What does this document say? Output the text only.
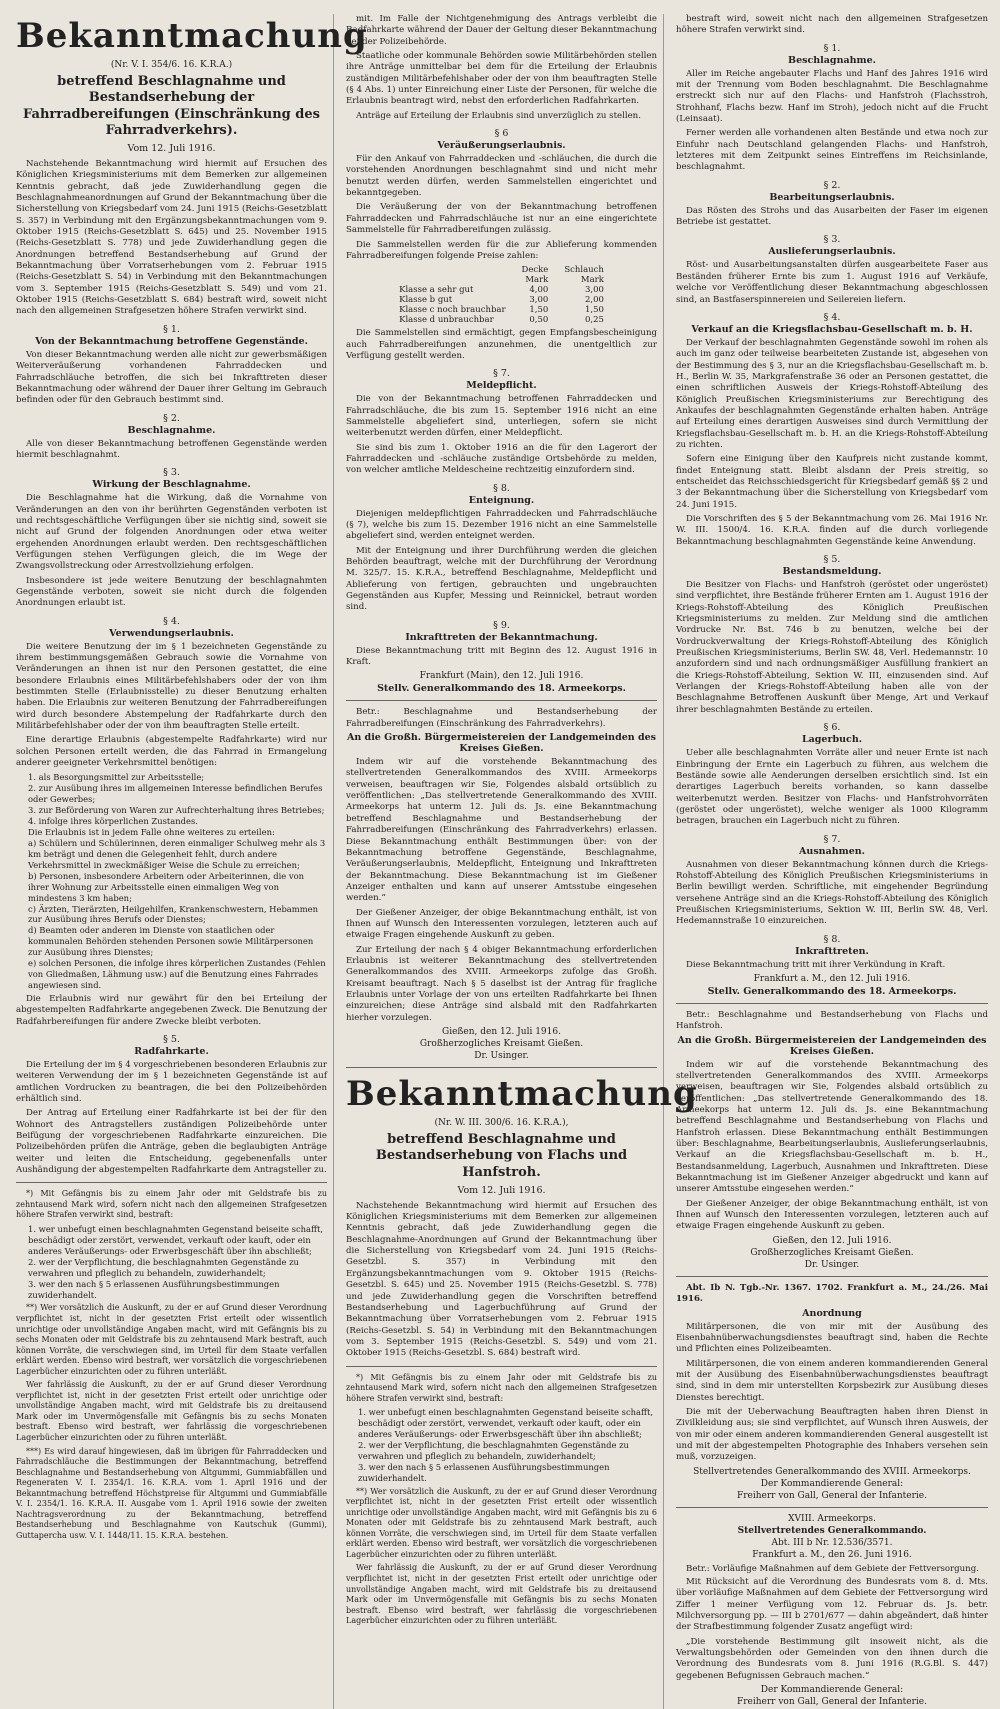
Bekanntmachung
(Nr. V. I. 354/6. 16. K.R.A.)
betreffend Beschlagnahme und Bestandserhebung der Fahrradbereifungen (Einschränkung des Fahrradverkehrs).
Vom 12. Juli 1916.

Nachstehende Bekanntmachung wird hiermit auf Ersuchen des Königlichen Kriegsministeriums mit dem Bemerken zur allgemeinen Kenntnis gebracht, daß jede Zuwiderhandlung gegen die Beschlagnahmeanordnungen auf Grund der Bekanntmachung über die Sicherstellung von Kriegsbedarf vom 24. Juni 1915 (Reichs-Gesetzblatt S. 357) in Verbindung mit den Ergänzungsbekanntmachungen vom 9. Oktober 1915 (Reichs-Gesetzblatt S. 645) und 25. November 1915 (Reichs-Gesetzblatt S. 778) und jede Zuwiderhandlung gegen die Anordnungen betreffend Bestandserhebung auf Grund der Bekanntmachung über Vorratserhebungen vom 2. Februar 1915 (Reichs-Gesetzblatt S. 54) in Verbindung mit den Bekanntmachungen vom 3. September 1915 (Reichs-Gesetzblatt S. 549) und vom 21. Oktober 1915 (Reichs-Gesetzblatt S. 684) bestraft wird, soweit nicht nach den allgemeinen Strafgesetzen höhere Strafen verwirkt sind.

§ 1.
Von der Bekanntmachung betroffene Gegenstände.

Von dieser Bekanntmachung werden alle nicht zur gewerbsmäßigen Weiterveräußerung vorhandenen Fahrraddecken und Fahrradschläuche betroffen, die sich bei Inkrafttreten dieser Bekanntmachung oder während der Dauer ihrer Geltung im Gebrauch befinden oder für den Gebrauch bestimmt sind.

§ 2.
Beschlagnahme.

Alle von dieser Bekanntmachung betroffenen Gegenstände werden hiermit beschlagnahmt.

§ 3.
Wirkung der Beschlagnahme.

Die Beschlagnahme hat die Wirkung, daß die Vornahme von Veränderungen an den von ihr berührten Gegenständen verboten ist und rechtsgeschäftliche Verfügungen über sie nichtig sind, soweit sie nicht auf Grund der folgenden Anordnungen oder etwa weiter ergehenden Anordnungen erlaubt werden. Den rechtsgeschäftlichen Verfügungen stehen Verfügungen gleich, die im Wege der Zwangsvollstreckung oder Arrestvollziehung erfolgen.

Insbesondere ist jede weitere Benutzung der beschlagnahmten Gegenstände verboten, soweit sie nicht durch die folgenden Anordnungen erlaubt ist.

§ 4.
Verwendungserlaubnis.

Die weitere Benutzung der im § 1 bezeichneten Gegenstände zu ihrem bestimmungsgemäßen Gebrauch sowie die Vornahme von Veränderungen an ihnen ist nur den Personen gestattet, die eine besondere Erlaubnis eines Militärbefehlshabers oder der von ihm bestimmten Stelle (Erlaubnisstelle) zu dieser Benutzung erhalten haben. Die Erlaubnis zur weiteren Benutzung der Fahrradbereifungen wird durch besondere Abstempelung der Radfahrkarte durch den Militärbefehlshaber oder der von ihm beauftragten Stelle erteilt.

Eine derartige Erlaubnis (abgestempelte Radfahrkarte) wird nur solchen Personen erteilt werden, die das Fahrrad in Ermangelung anderer geeigneter Verkehrsmittel benötigen:

1. als Besorgungsmittel zur Arbeitsstelle;
2. zur Ausübung ihres im allgemeinen Interesse befindlichen Berufes oder Gewerbes;
3. zur Beförderung von Waren zur Aufrechterhaltung ihres Betriebes;
4. infolge ihres körperlichen Zustandes.
Die Erlaubnis ist in jedem Falle ohne weiteres zu erteilen:
a) Schülern und Schülerinnen, deren einmaliger Schulweg mehr als 3 km beträgt und denen die Gelegenheit fehlt, durch andere Verkehrsmittel in zweckmäßiger Weise die Schule zu erreichen;
b) Personen, insbesondere Arbeitern oder Arbeiterinnen, die von ihrer Wohnung zur Arbeitsstelle einen einmaligen Weg von mindestens 3 km haben;
c) Ärzten, Tierärzten, Heilgehilfen, Krankenschwestern, Hebammen zur Ausübung ihres Berufs oder Dienstes;
d) Beamten oder anderen im Dienste von staatlichen oder kommunalen Behörden stehenden Personen sowie Militärpersonen zur Ausübung ihres Dienstes;
e) solchen Personen, die infolge ihres körperlichen Zustandes (Fehlen von Gliedmaßen, Lähmung usw.) auf die Benutzung eines Fahrrades angewiesen sind.

Die Erlaubnis wird nur gewährt für den bei Erteilung der abgestempelten Radfahrkarte angegebenen Zweck. Die Benutzung der Radfahrbereifungen für andere Zwecke bleibt verboten.

§ 5.
Radfahrkarte.

Die Erteilung der im § 4 vorgeschriebenen besonderen Erlaubnis zur weiteren Verwendung der im § 1 bezeichneten Gegenstände ist auf amtlichen Vordrucken zu beantragen, die bei den Polizeibehörden erhältlich sind.

Der Antrag auf Erteilung einer Radfahrkarte ist bei der für den Wohnort des Antragstellers zuständigen Polizeibehörde unter Beifügung der vorgeschriebenen Radfahrkarte einzureichen. Die Polizeibehörden prüfen die Anträge, geben die beglaubigten Anträge weiter und leiten die Entscheidung, gegebenenfalls unter Aushändigung der abgestempelten Radfahrkarte dem Antragsteller zu.

*) Mit Gefängnis bis zu einem Jahr oder mit Geldstrafe bis zu zehntausend Mark wird, sofern nicht nach den allgemeinen Strafgesetzen höhere Strafen verwirkt sind, bestraft:

1. wer unbefugt einen beschlagnahmten Gegenstand beiseite schafft, beschädigt oder zerstört, verwendet, verkauft oder kauft, oder ein anderes Veräußerungs- oder Erwerbsgeschäft über ihn abschließt;
2. wer der Verpflichtung, die beschlagnahmten Gegenstände zu verwahren und pfleglich zu behandeln, zuwiderhandelt;
3. wer den nach § 5 erlassenen Ausführungsbestimmungen zuwiderhandelt.

**) Wer vorsätzlich die Auskunft, zu der er auf Grund dieser Verordnung verpflichtet ist, nicht in der gesetzten Frist erteilt oder wissentlich unrichtige oder unvollständige Angaben macht, wird mit Gefängnis bis zu sechs Monaten oder mit Geldstrafe bis zu zehntausend Mark bestraft, auch können Vorräte, die verschwiegen sind, im Urteil für dem Staate verfallen erklärt werden. Ebenso wird bestraft, wer vorsätzlich die vorgeschriebenen Lagerbücher einzurichten oder zu führen unterläßt.

Wer fahrlässig die Auskunft, zu der er auf Grund dieser Verordnung verpflichtet ist, nicht in der gesetzten Frist erteilt oder unrichtige oder unvollständige Angaben macht, wird mit Geldstrafe bis zu dreitausend Mark oder im Unvermögensfalle mit Gefängnis bis zu sechs Monaten bestraft. Ebenso wird bestraft, wer fahrlässig die vorgeschriebenen Lagerbücher einzurichten oder zu führen unterläßt.

***) Es wird darauf hingewiesen, daß im übrigen für Fahrraddecken und Fahrradschläuche die Bestimmungen der Bekanntmachung, betreffend Beschlagnahme und Bestandserhebung von Altgummi, Gummiabfällen und Regeneraten V. I. 2354/1. 16. K.R.A. vom 1. April 1916 und der Bekanntmachung betreffend Höchstpreise für Altgummi und Gummiabfälle V. I. 2354/1. 16. K.R.A. II. Ausgabe vom 1. April 1916 sowie der zweiten Nachtragsverordnung zu der Bekanntmachung, betreffend Bestandserhebung und Beschlagnahme von Kautschuk (Gummi), Guttapercha usw. V. I. 1448/11. 15. K.R.A. bestehen.

mit. Im Falle der Nichtgenehmigung des Antrags verbleibt die Radfahrkarte während der Dauer der Geltung dieser Bekanntmachung bei der Polizeibehörde.

Staatliche oder kommunale Behörden sowie Militärbehörden stellen ihre Anträge unmittelbar bei dem für die Erteilung der Erlaubnis zuständigen Militärbefehlshaber oder der von ihm beauftragten Stelle (§ 4 Abs. 1) unter Einreichung einer Liste der Personen, für welche die Erlaubnis beantragt wird, nebst den erforderlichen Radfahrkarten.

Anträge auf Erteilung der Erlaubnis sind unverzüglich zu stellen.

§ 6
Veräußerungserlaubnis.

Für den Ankauf von Fahrraddecken und -schläuchen, die durch die vorstehenden Anordnungen beschlagnahmt sind und nicht mehr benutzt werden dürfen, werden Sammelstellen eingerichtet und bekanntgegeben.

Die Veräußerung der von der Bekanntmachung betroffenen Fahrraddecken und Fahrradschläuche ist nur an eine eingerichtete Sammelstelle für Fahrradbereifungen zulässig.

Die Sammelstellen werden für die zur Ablieferung kommenden Fahrradbereifungen folgende Preise zahlen:

	Decke	Schlauch
	Mark	Mark
Klasse a sehr gut	4,00	3,00
Klasse b gut	3,00	2,00
Klasse c noch brauchbar	1,50	1,50
Klasse d unbrauchbar	0,50	0,25

Die Sammelstellen sind ermächtigt, gegen Empfangsbescheinigung auch Fahrradbereifungen anzunehmen, die unentgeltlich zur Verfügung gestellt werden.

§ 7.
Meldepflicht.

Die von der Bekanntmachung betroffenen Fahrraddecken und Fahrradschläuche, die bis zum 15. September 1916 nicht an eine Sammelstelle abgeliefert sind, unterliegen, sofern sie nicht weiterbenutzt werden dürfen, einer Meldepflicht.

Sie sind bis zum 1. Oktober 1916 an die für den Lagerort der Fahrraddecken und -schläuche zuständige Ortsbehörde zu melden, von welcher amtliche Meldescheine rechtzeitig einzufordern sind.

§ 8.
Enteignung.

Diejenigen meldepflichtigen Fahrraddecken und Fahrradschläuche (§ 7), welche bis zum 15. Dezember 1916 nicht an eine Sammelstelle abgeliefert sind, werden enteignet werden.

Mit der Enteignung und ihrer Durchführung werden die gleichen Behörden beauftragt, welche mit der Durchführung der Verordnung M. 325/7. 15. K.R.A., betreffend Beschlagnahme, Meldepflicht und Ablieferung von fertigen, gebrauchten und ungebrauchten Gegenständen aus Kupfer, Messing und Reinnickel, betraut worden sind.

§ 9.
Inkrafttreten der Bekanntmachung.

Diese Bekanntmachung tritt mit Beginn des 12. August 1916 in Kraft.

Frankfurt (Main), den 12. Juli 1916.
Stellv. Generalkommando des 18. Armeekorps.

Betr.: Beschlagnahme und Bestandserhebung der Fahrradbereifungen (Einschränkung des Fahrradverkehrs).

An die Großh. Bürgermeistereien der Landgemeinden des Kreises Gießen.

Indem wir auf die vorstehende Bekanntmachung des stellvertretenden Generalkommandos des XVIII. Armeekorps verweisen, beauftragen wir Sie, Folgendes alsbald ortsüblich zu veröffentlichen: „Das stellvertretende Generalkommando des XVIII. Armeekorps hat unterm 12. Juli ds. Js. eine Bekanntmachung betreffend Beschlagnahme und Bestandserhebung der Fahrradbereifungen (Einschränkung des Fahrradverkehrs) erlassen. Diese Bekanntmachung enthält Bestimmungen über: von der Bekanntmachung betroffene Gegenstände, Beschlagnahme, Veräußerungserlaubnis, Meldepflicht, Enteignung und Inkrafttreten der Bekanntmachung. Diese Bekanntmachung ist im Gießener Anzeiger enthalten und kann auf unserer Amtsstube eingesehen werden.“

Der Gießener Anzeiger, der obige Bekanntmachung enthält, ist von Ihnen auf Wunsch den Interessenten vorzulegen, letzteren auch auf etwaige Fragen eingehende Auskunft zu geben.

Zur Erteilung der nach § 4 obiger Bekanntmachung erforderlichen Erlaubnis ist weiterer Bekanntmachung des stellvertretenden Generalkommandos des XVIII. Armeekorps zufolge das Großh. Kreisamt beauftragt. Nach § 5 daselbst ist der Antrag für fragliche Erlaubnis unter Vorlage der von uns erteilten Radfahrkarte bei Ihnen einzureichen; diese Anträge sind alsbald mit den Radfahrkarten hierher vorzulegen.

Gießen, den 12. Juli 1916.
Großherzogliches Kreisamt Gießen.
Dr. Usinger.
Bekanntmachung
(Nr. W. III. 300/6. 16. K.R.A.),
betreffend Beschlagnahme und Bestandserhebung von Flachs und Hanfstroh.
Vom 12. Juli 1916.

Nachstehende Bekanntmachung wird hiermit auf Ersuchen des Königlichen Kriegsministeriums mit dem Bemerken zur allgemeinen Kenntnis gebracht, daß jede Zuwiderhandlung gegen die Beschlagnahme-Anordnungen auf Grund der Bekanntmachung über die Sicherstellung von Kriegsbedarf vom 24. Juni 1915 (Reichs-Gesetzbl. S. 357) in Verbindung mit den Ergänzungsbekanntmachungen vom 9. Oktober 1915 (Reichs-Gesetzbl. S. 645) und 25. November 1915 (Reichs-Gesetzbl. S. 778) und jede Zuwiderhandlung gegen die Vorschriften betreffend Bestandserhebung und Lagerbuchführung auf Grund der Bekanntmachung über Vorratserhebungen vom 2. Februar 1915 (Reichs-Gesetzbl. S. 54) in Verbindung mit den Bekanntmachungen vom 3. September 1915 (Reichs-Gesetzbl. S. 549) und vom 21. Oktober 1915 (Reichs-Gesetzbl. S. 684) bestraft wird.

*) Mit Gefängnis bis zu einem Jahr oder mit Geldstrafe bis zu zehntausend Mark wird, sofern nicht nach den allgemeinen Strafgesetzen höhere Strafen verwirkt sind, bestraft:

1. wer unbefugt einen beschlagnahmten Gegenstand beiseite schafft, beschädigt oder zerstört, verwendet, verkauft oder kauft, oder ein anderes Veräußerungs- oder Erwerbsgeschäft über ihn abschließt;
2. wer der Verpflichtung, die beschlagnahmten Gegenstände zu verwahren und pfleglich zu behandeln, zuwiderhandelt;
3. wer den nach § 5 erlassenen Ausführungsbestimmungen zuwiderhandelt.

**) Wer vorsätzlich die Auskunft, zu der er auf Grund dieser Verordnung verpflichtet ist, nicht in der gesetzten Frist erteilt oder wissentlich unrichtige oder unvollständige Angaben macht, wird mit Gefängnis bis zu 6 Monaten oder mit Geldstrafe bis zu zehntausend Mark bestraft, auch können Vorräte, die verschwiegen sind, im Urteil für dem Staate verfallen erklärt werden. Ebenso wird bestraft, wer vorsätzlich die vorgeschriebenen Lagerbücher einzurichten oder zu führen unterläßt.

Wer fahrlässig die Auskunft, zu der er auf Grund dieser Verordnung verpflichtet ist, nicht in der gesetzten Frist erteilt oder unrichtige oder unvollständige Angaben macht, wird mit Geldstrafe bis zu dreitausend Mark oder im Unvermögensfalle mit Gefängnis bis zu sechs Monaten bestraft. Ebenso wird bestraft, wer fahrlässig die vorgeschriebenen Lagerbücher einzurichten oder zu führen unterläßt.

bestraft wird, soweit nicht nach den allgemeinen Strafgesetzen höhere Strafen verwirkt sind.

§ 1.
Beschlagnahme.

Aller im Reiche angebauter Flachs und Hanf des Jahres 1916 wird mit der Trennung vom Boden beschlagnahmt. Die Beschlagnahme erstreckt sich nur auf den Flachs- und Hanfstroh (Flachsstroh, Strohhanf, Flachs bezw. Hanf im Stroh), jedoch nicht auf die Frucht (Leinsaat).

Ferner werden alle vorhandenen alten Bestände und etwa noch zur Einfuhr nach Deutschland gelangenden Flachs- und Hanfstroh, letzteres mit dem Zeitpunkt seines Eintreffens im Reichsinlande, beschlagnahmt.

§ 2.
Bearbeitungserlaubnis.

Das Rösten des Strohs und das Ausarbeiten der Faser im eigenen Betriebe ist gestattet.

§ 3.
Auslieferungserlaubnis.

Röst- und Ausarbeitungsanstalten dürfen ausgearbeitete Faser aus Beständen früherer Ernte bis zum 1. August 1916 auf Verkäufe, welche vor Veröffentlichung dieser Bekanntmachung abgeschlossen sind, an Bastfaserspinnereien und Seilereien liefern.

§ 4.
Verkauf an die Kriegsflachsbau-Gesellschaft m. b. H.

Der Verkauf der beschlagnahmten Gegenstände sowohl im rohen als auch im ganz oder teilweise bearbeiteten Zustande ist, abgesehen von der Bestimmung des § 3, nur an die Kriegsflachsbau-Gesellschaft m. b. H., Berlin W. 35, Markgrafenstraße 36 oder an Personen gestattet, die einen schriftlichen Ausweis der Kriegs-Rohstoff-Abteilung des Königlich Preußischen Kriegsministeriums zur Berechtigung des Ankaufes der beschlagnahmten Gegenstände erhalten haben. Anträge auf Erteilung eines derartigen Ausweises sind durch Vermittlung der Kriegsflachsbau-Gesellschaft m. b. H. an die Kriegs-Rohstoff-Abteilung zu richten.

Sofern eine Einigung über den Kaufpreis nicht zustande kommt, findet Enteignung statt. Bleibt alsdann der Preis streitig, so entscheidet das Reichsschiedsgericht für Kriegsbedarf gemäß §§ 2 und 3 der Bekanntmachung über die Sicherstellung von Kriegsbedarf vom 24. Juni 1915.

Die Vorschriften des § 5 der Bekanntmachung vom 26. Mai 1916 Nr. W. III. 1500/4. 16. K.R.A. finden auf die durch vorliegende Bekanntmachung beschlagnahmten Gegenstände keine Anwendung.

§ 5.
Bestandsmeldung.

Die Besitzer von Flachs- und Hanfstroh (geröstet oder ungeröstet) sind verpflichtet, ihre Bestände früherer Ernten am 1. August 1916 der Kriegs-Rohstoff-Abteilung des Königlich Preußischen Kriegsministeriums zu melden. Zur Meldung sind die amtlichen Vordrucke Nr. Bst. 746 b zu benutzen, welche bei der Vordruckverwaltung der Kriegs-Rohstoff-Abteilung des Königlich Preußischen Kriegsministeriums, Berlin SW. 48, Verl. Hedemannstr. 10 anzufordern sind und nach ordnungsmäßiger Ausfüllung frankiert an die Kriegs-Rohstoff-Abteilung, Sektion W. III, einzusenden sind. Auf Verlangen der Kriegs-Rohstoff-Abteilung haben alle von der Beschlagnahme Betroffenen Auskunft über Menge, Art und Verkauf ihrer beschlagnahmten Bestände zu erteilen.

§ 6.
Lagerbuch.

Ueber alle beschlagnahmten Vorräte aller und neuer Ernte ist nach Einbringung der Ernte ein Lagerbuch zu führen, aus welchem die Bestände sowie alle Aenderungen derselben ersichtlich sind. Ist ein derartiges Lagerbuch bereits vorhanden, so kann dasselbe weiterbenutzt werden. Besitzer von Flachs- und Hanfstrohvorräten (geröstet oder ungeröstet), welche weniger als 1000 Kilogramm betragen, brauchen ein Lagerbuch nicht zu führen.

§ 7.
Ausnahmen.

Ausnahmen von dieser Bekanntmachung können durch die Kriegs-Rohstoff-Abteilung des Königlich Preußischen Kriegsministeriums in Berlin bewilligt werden. Schriftliche, mit eingehender Begründung versehene Anträge sind an die Kriegs-Rohstoff-Abteilung des Königlich Preußischen Kriegsministeriums, Sektion W. III, Berlin SW. 48, Verl. Hedemannstraße 10 einzureichen.

§ 8.
Inkrafttreten.

Diese Bekanntmachung tritt mit ihrer Verkündung in Kraft.

Frankfurt a. M., den 12. Juli 1916.
Stellv. Generalkommando des 18. Armeekorps.

Betr.: Beschlagnahme und Bestandserhebung von Flachs und Hanfstroh.

An die Großh. Bürgermeistereien der Landgemeinden des Kreises Gießen.

Indem wir auf die vorstehende Bekanntmachung des stellvertretenden Generalkommandos des XVIII. Armeekorps verweisen, beauftragen wir Sie, Folgendes alsbald ortsüblich zu veröffentlichen: „Das stellvertretende Generalkommando des 18. Armeekorps hat unterm 12. Juli ds. Js. eine Bekanntmachung betreffend Beschlagnahme und Bestandserhebung von Flachs und Hanfstroh erlassen. Diese Bekanntmachung enthält Bestimmungen über: Beschlagnahme, Bearbeitungserlaubnis, Auslieferungserlaubnis, Verkauf an die Kriegsflachsbau-Gesellschaft m. b. H., Bestandsanmeldung, Lagerbuch, Ausnahmen und Inkrafttreten. Diese Bekanntmachung ist im Gießener Anzeiger abgedruckt und kann auf unserer Amtsstube eingesehen werden.“

Der Gießener Anzeiger, der obige Bekanntmachung enthält, ist von Ihnen auf Wunsch den Interessenten vorzulegen, letzteren auch auf etwaige Fragen eingehende Auskunft zu geben.

Gießen, den 12. Juli 1916.
Großherzogliches Kreisamt Gießen.
Dr. Usinger.

Abt. Ib N. Tgb.-Nr. 1367. 1702. Frankfurt a. M., 24./26. Mai 1916.

Anordnung

Militärpersonen, die von mir mit der Ausübung des Eisenbahnüberwachungsdienstes beauftragt sind, haben die Rechte und Pflichten eines Polizeibeamten.

Militärpersonen, die von einem anderen kommandierenden General mit der Ausübung des Eisenbahnüberwachungsdienstes beauftragt sind, sind in dem mir unterstellten Korpsbezirk zur Ausübung dieses Dienstes berechtigt.

Die mit der Ueberwachung Beauftragten haben ihren Dienst in Zivilkleidung aus; sie sind verpflichtet, auf Wunsch ihren Ausweis, der von mir oder einem anderen kommandierenden General ausgestellt ist und mit der abgestempelten Photographie des Inhabers versehen sein muß, vorzuzeigen.

Stellvertretendes Generalkommando des XVIII. Armeekorps.
Der Kommandierende General:
Freiherr von Gall, General der Infanterie.
XVIII. Armeekorps.
Stellvertretendes Generalkommando.
Abt. III b Nr. 12.536/3571.
Frankfurt a. M., den 26. Juni 1916.

Betr.: Vorläufige Maßnahmen auf dem Gebiete der Fettversorgung.

Mit Rücksicht auf die Verordnung des Bundesrats vom 8. d. Mts. über vorläufige Maßnahmen auf dem Gebiete der Fettversorgung wird Ziffer 1 meiner Verfügung vom 12. Februar ds. Js. betr. Milchversorgung pp. — III b 2701/677 — dahin abgeändert, daß hinter der Strafbestimmung folgender Zusatz angefügt wird:

„Die vorstehende Bestimmung gilt insoweit nicht, als die Verwaltungsbehörden oder Gemeinden von den ihnen durch die Verordnung des Bundesrats vom 8. Juni 1916 (R.G.Bl. S. 447) gegebenen Befugnissen Gebrauch machen.“

Der Kommandierende General:
Freiherr von Gall, General der Infanterie.
